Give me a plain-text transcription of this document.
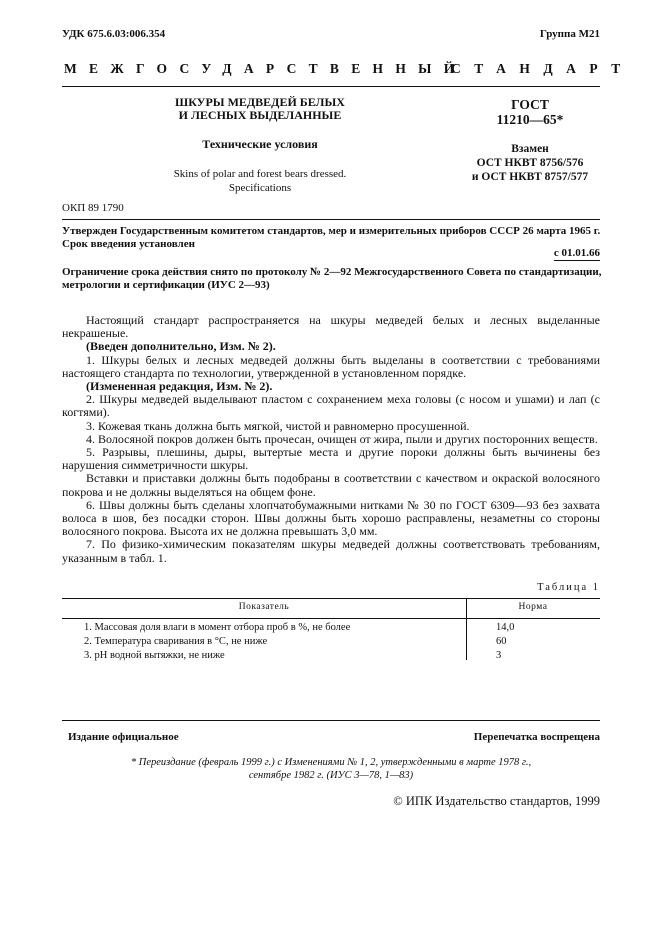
УДК 675.6.03:006.354	Группа М21
МЕЖГОСУДАРСТВЕННЫЙ
СТАНДАРТ
ШКУРЫ МЕДВЕДЕЙ БЕЛЫХ
И ЛЕСНЫХ ВЫДЕЛАННЫЕ
Технические условия
Skins of polar and forest bears dressed.
Specifications
ГОСТ
11210—65*
Взамен
ОСТ НКВТ 8756/576
и ОСТ НКВТ 8757/577
ОКП 89 1790
Утвержден Государственным комитетом стандартов, мер и измерительных приборов СССР 26 марта 1965 г.
Срок введения установлен
с 01.01.66
Ограничение срока действия снято по протоколу № 2—92 Межгосударственного Совета по стандартизации,
метрологии и сертификации (ИУС 2—93)

Настоящий стандарт распространяется на шкуры медведей белых и лесных выделанные некрашеные.

(Введен дополнительно, Изм. № 2).

1. Шкуры белых и лесных медведей должны быть выделаны в соответствии с требованиями настоящего стандарта по технологии, утвержденной в установленном порядке.

(Измененная редакция, Изм. № 2).

2. Шкуры медведей выделывают пластом с сохранением меха головы (с носом и ушами) и лап (с когтями).

3. Кожевая ткань должна быть мягкой, чистой и равномерно просушенной.

4. Волосяной покров должен быть прочесан, очищен от жира, пыли и других посторонних веществ.

5. Разрывы, плешины, дыры, вытертые места и другие пороки должны быть вычинены без нарушения симметричности шкуры.

Вставки и приставки должны быть подобраны в соответствии с качеством и окраской волосяного покрова и не должны выделяться на общем фоне.

6. Швы должны быть сделаны хлопчатобумажными нитками № 30 по ГОСТ 6309—93 без захвата волоса в шов, без посадки сторон. Швы должны быть хорошо расправлены, незаметны со стороны волосяного покрова. Высота их не должна превышать 3,0 мм.

7. По физико-химическим показателям шкуры медведей должны соответствовать требованиям, указанным в табл. 1.

Таблица 1
Показатель	Норма
1. Массовая доля влаги в момент отбора проб в %, не более	14,0
2. Температура сваривания в °С, не ниже	60
3. рН водной вытяжки, не ниже	3
Издание официальное	Перепечатка воспрещена
* Переиздание (февраль 1999 г.) с Изменениями № 1, 2, утвержденными в марте 1978 г.,
сентябре 1982 г. (ИУС 3—78, 1—83)
© ИПК Издательство стандартов, 1999
